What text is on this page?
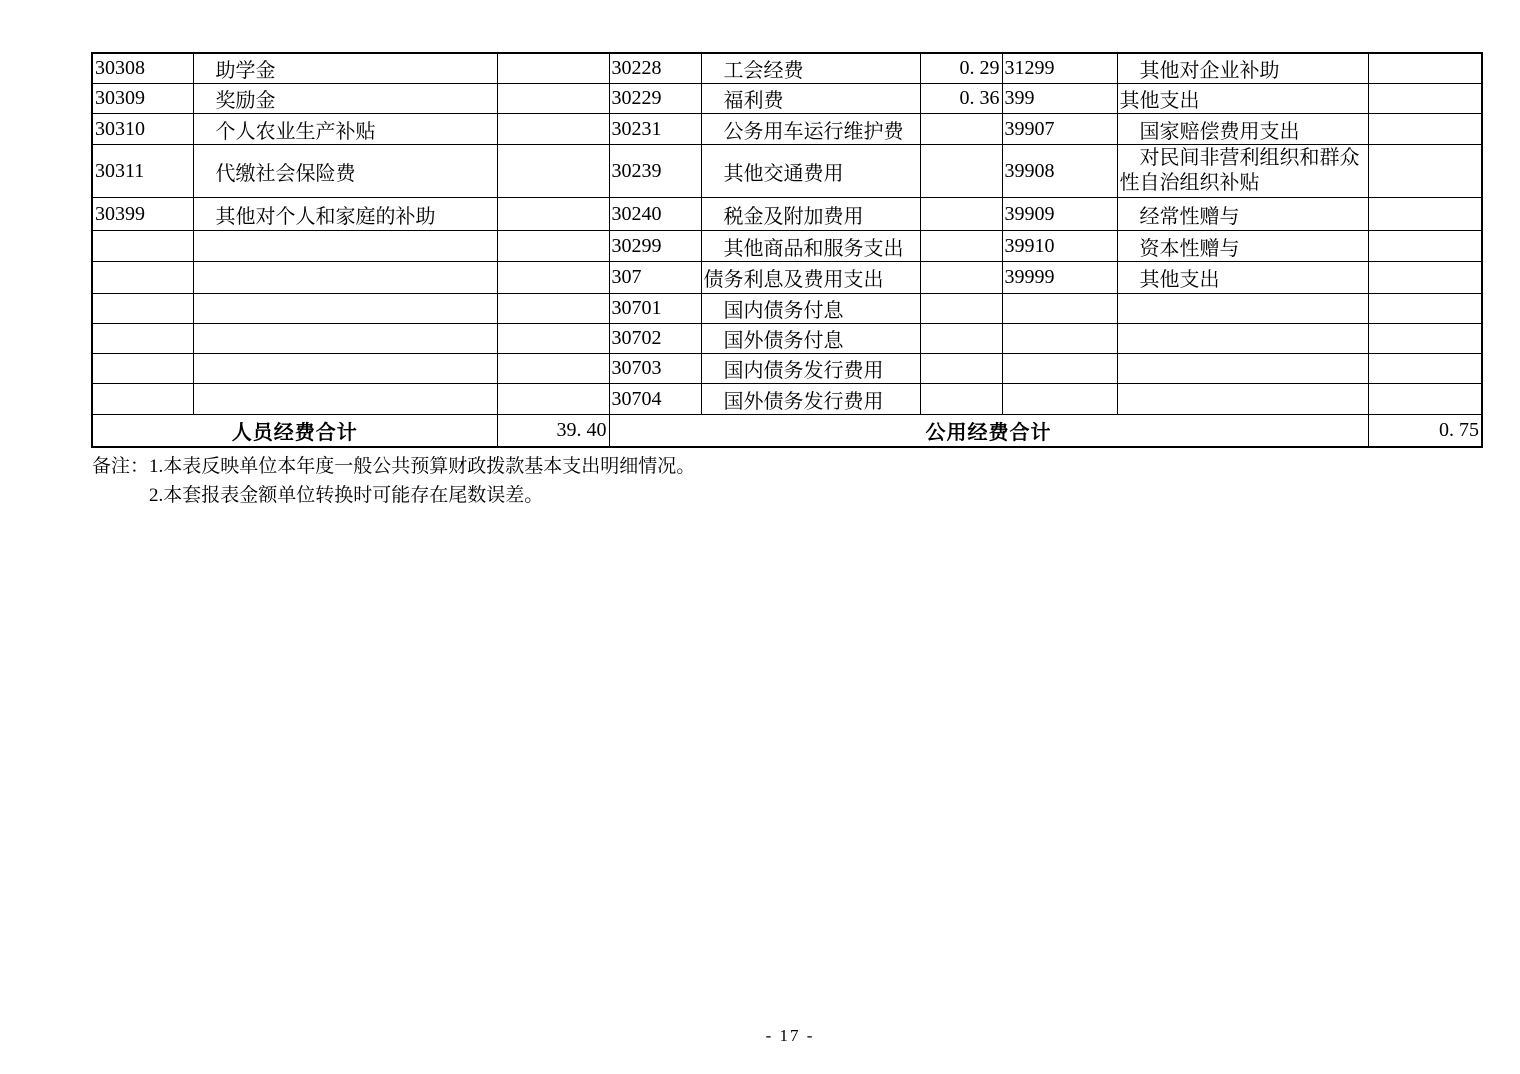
30308	助学金		30228	工会经费	0. 29	31299	其他对企业补助	
30309	奖励金		30229	福利费	0. 36	399	其他支出	
30310	个人农业生产补贴		30231	公务用车运行维护费		39907	国家赔偿费用支出	
30311	代缴社会保险费		30239	其他交通费用		39908	对民间非营利组织和群众性自治组织补贴	
30399	其他对个人和家庭的补助		30240	税金及附加费用		39909	经常性赠与	
			30299	其他商品和服务支出		39910	资本性赠与	
			307	债务利息及费用支出		39999	其他支出	
			30701	国内债务付息				
			30702	国外债务付息				
			30703	国内债务发行费用				
			30704	国外债务发行费用				
人员经费合计		39. 40	公用经费合计					0. 75
备注：1.本表反映单位本年度一般公共预算财政拨款基本支出明细情况。
2.本套报表金额单位转换时可能存在尾数误差。
- 17 -
